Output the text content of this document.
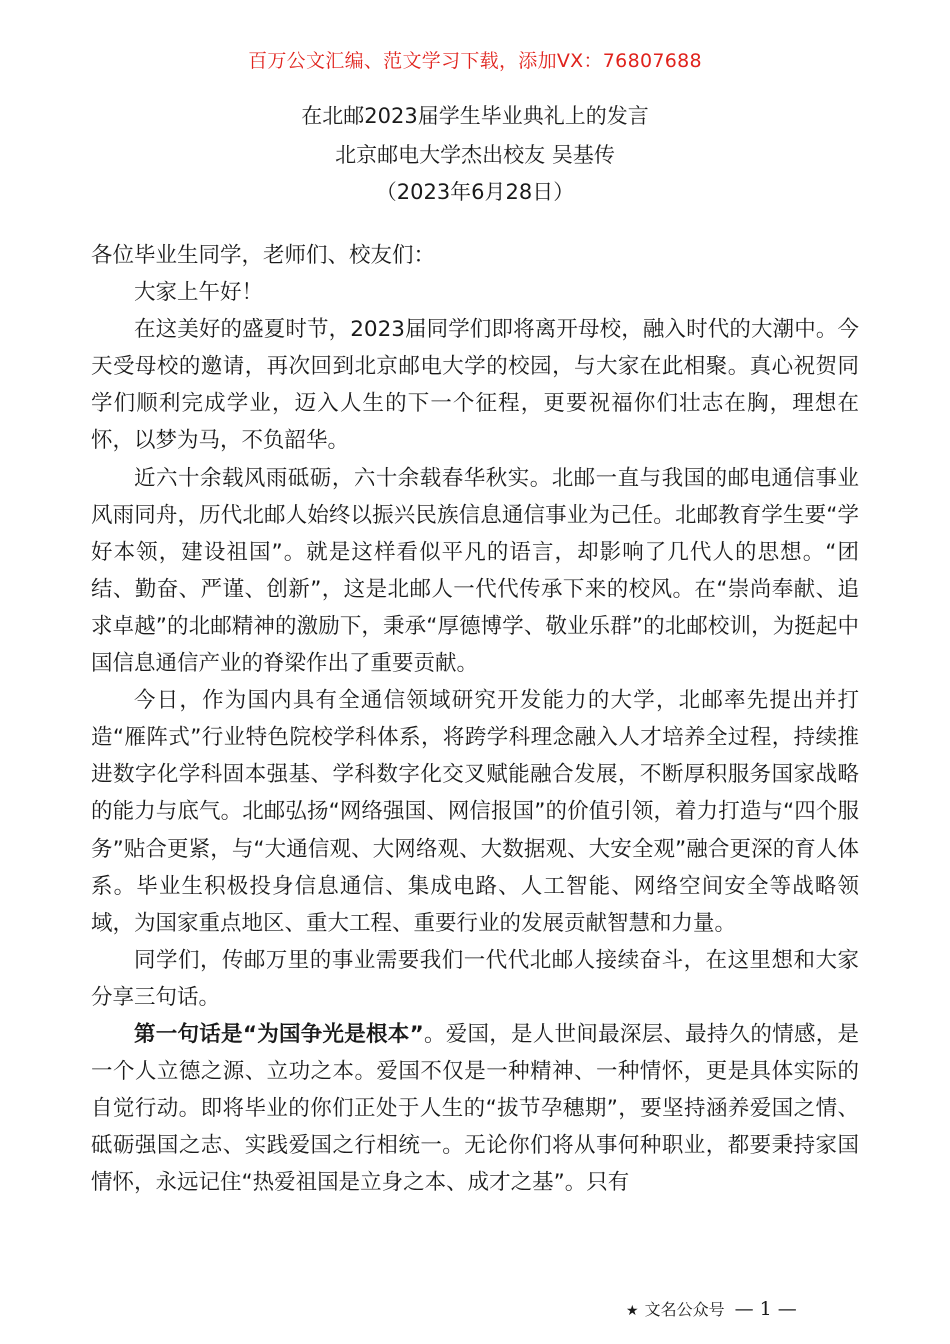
百万公文汇编、范文学习下载，添加VX：76807688
在北邮2023届学生毕业典礼上的发言
北京邮电大学杰出校友 吴基传
（2023年6月28日）

各位毕业生同学，老师们、校友们：

大家上午好！

在这美好的盛夏时节，2023届同学们即将离开母校，融入时代的大潮中。今天受母校的邀请，再次回到北京邮电大学的校园，与大家在此相聚。真心祝贺同学们顺利完成学业，迈入人生的下一个征程，更要祝福你们壮志在胸，理想在怀，以梦为马，不负韶华。

近六十余载风雨砥砺，六十余载春华秋实。北邮一直与我国的邮电通信事业风雨同舟，历代北邮人始终以振兴民族信息通信事业为己任。北邮教育学生要“学好本领，建设祖国”。就是这样看似平凡的语言，却影响了几代人的思想。“团结、勤奋、严谨、创新”，这是北邮人一代代传承下来的校风。在“崇尚奉献、追求卓越”的北邮精神的激励下，秉承“厚德博学、敬业乐群”的北邮校训，为挺起中国信息通信产业的脊梁作出了重要贡献。

今日，作为国内具有全通信领域研究开发能力的大学，北邮率先提出并打造“雁阵式”行业特色院校学科体系，将跨学科理念融入人才培养全过程，持续推进数字化学科固本强基、学科数字化交叉赋能融合发展，不断厚积服务国家战略的能力与底气。北邮弘扬“网络强国、网信报国”的价值引领，着力打造与“四个服务”贴合更紧，与“大通信观、大网络观、大数据观、大安全观”融合更深的育人体系。毕业生积极投身信息通信、集成电路、人工智能、网络空间安全等战略领域，为国家重点地区、重大工程、重要行业的发展贡献智慧和力量。

同学们，传邮万里的事业需要我们一代代北邮人接续奋斗，在这里想和大家分享三句话。

第一句话是“为国争光是根本”。爱国，是人世间最深层、最持久的情感，是一个人立德之源、立功之本。爱国不仅是一种精神、一种情怀，更是具体实际的自觉行动。即将毕业的你们正处于人生的“拔节孕穗期”，要坚持涵养爱国之情、砥砺强国之志、实践爱国之行相统一。无论你们将从事何种职业，都要秉持家国情怀，永远记住“热爱祖国是立身之本、成才之基”。只有

★ 文名公众号 — 1 —
